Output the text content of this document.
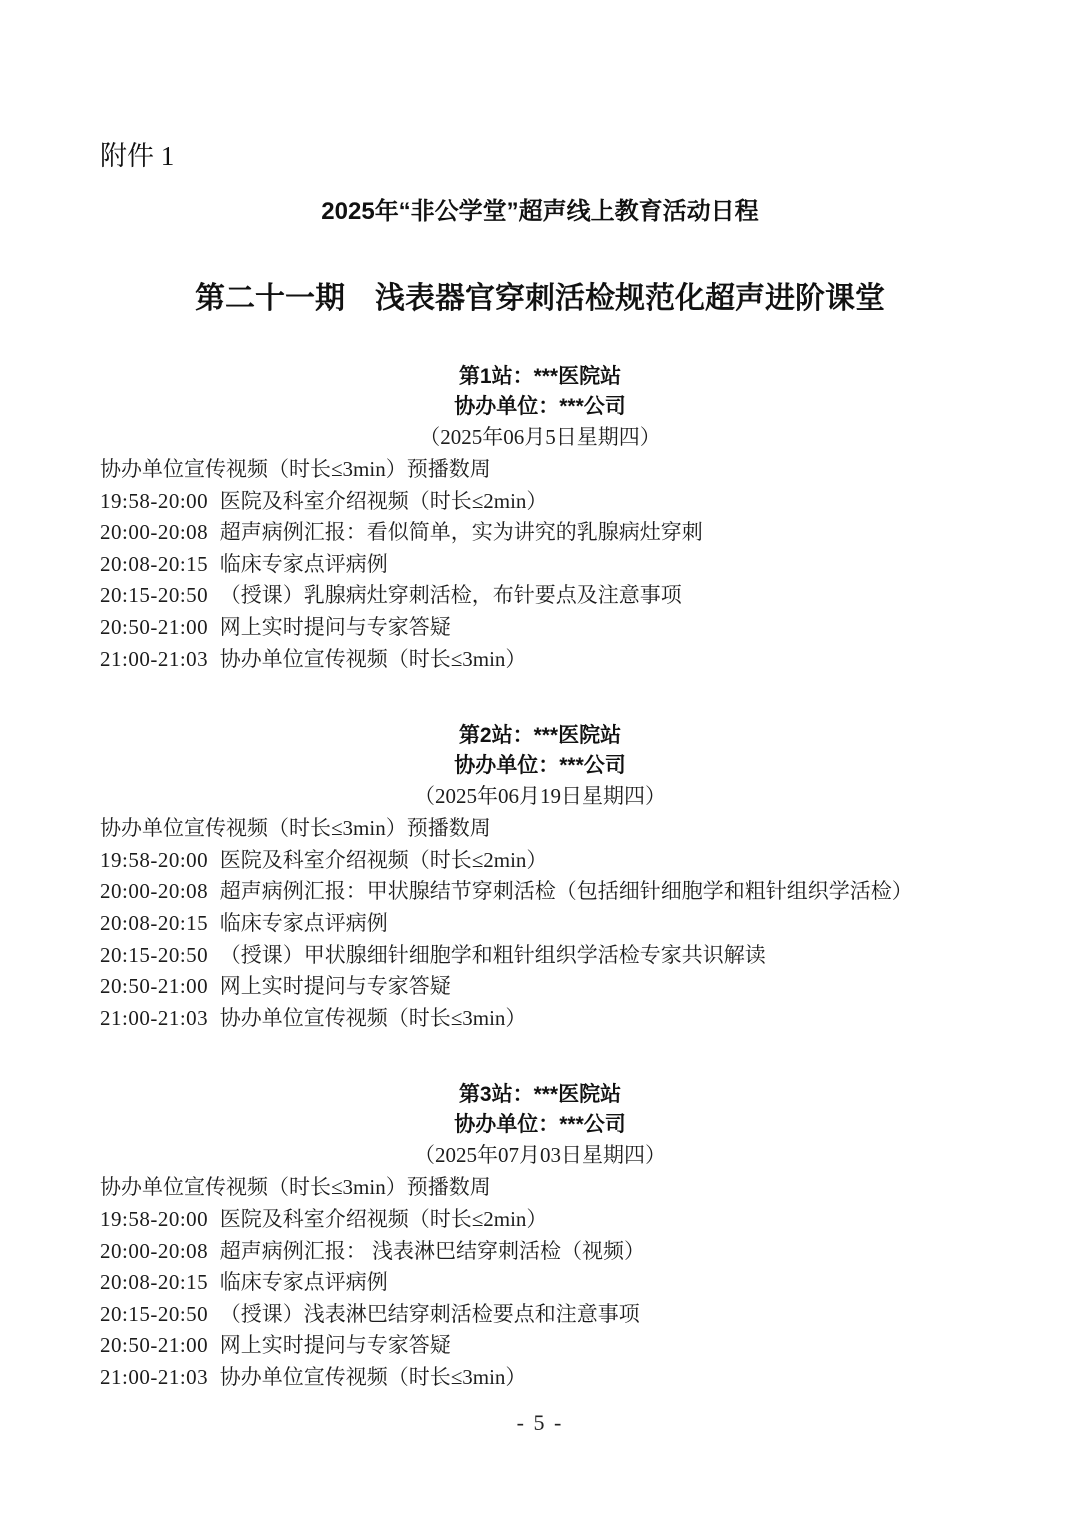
附件 1
2025年“非公学堂”超声线上教育活动日程
第二十一期　浅表器官穿刺活检规范化超声进阶课堂
第1站：***医院站
协办单位：***公司
（2025年06月5日星期四）
协办单位宣传视频（时长≤3min）预播数周
19:58-20:00 医院及科室介绍视频（时长≤2min）
20:00-20:08 超声病例汇报：看似简单，实为讲究的乳腺病灶穿刺
20:08-20:15 临床专家点评病例
20:15-20:50 （授课）乳腺病灶穿刺活检，布针要点及注意事项
20:50-21:00 网上实时提问与专家答疑
21:00-21:03 协办单位宣传视频（时长≤3min）
第2站：***医院站
协办单位：***公司
（2025年06月19日星期四）
协办单位宣传视频（时长≤3min）预播数周
19:58-20:00 医院及科室介绍视频（时长≤2min）
20:00-20:08 超声病例汇报：甲状腺结节穿刺活检（包括细针细胞学和粗针组织学活检）
20:08-20:15 临床专家点评病例
20:15-20:50 （授课）甲状腺细针细胞学和粗针组织学活检专家共识解读
20:50-21:00 网上实时提问与专家答疑
21:00-21:03 协办单位宣传视频（时长≤3min）
第3站：***医院站
协办单位：***公司
（2025年07月03日星期四）
协办单位宣传视频（时长≤3min）预播数周
19:58-20:00 医院及科室介绍视频（时长≤2min）
20:00-20:08 超声病例汇报： 浅表淋巴结穿刺活检（视频）
20:08-20:15 临床专家点评病例
20:15-20:50 （授课）浅表淋巴结穿刺活检要点和注意事项
20:50-21:00 网上实时提问与专家答疑
21:00-21:03 协办单位宣传视频（时长≤3min）
- 5 -
